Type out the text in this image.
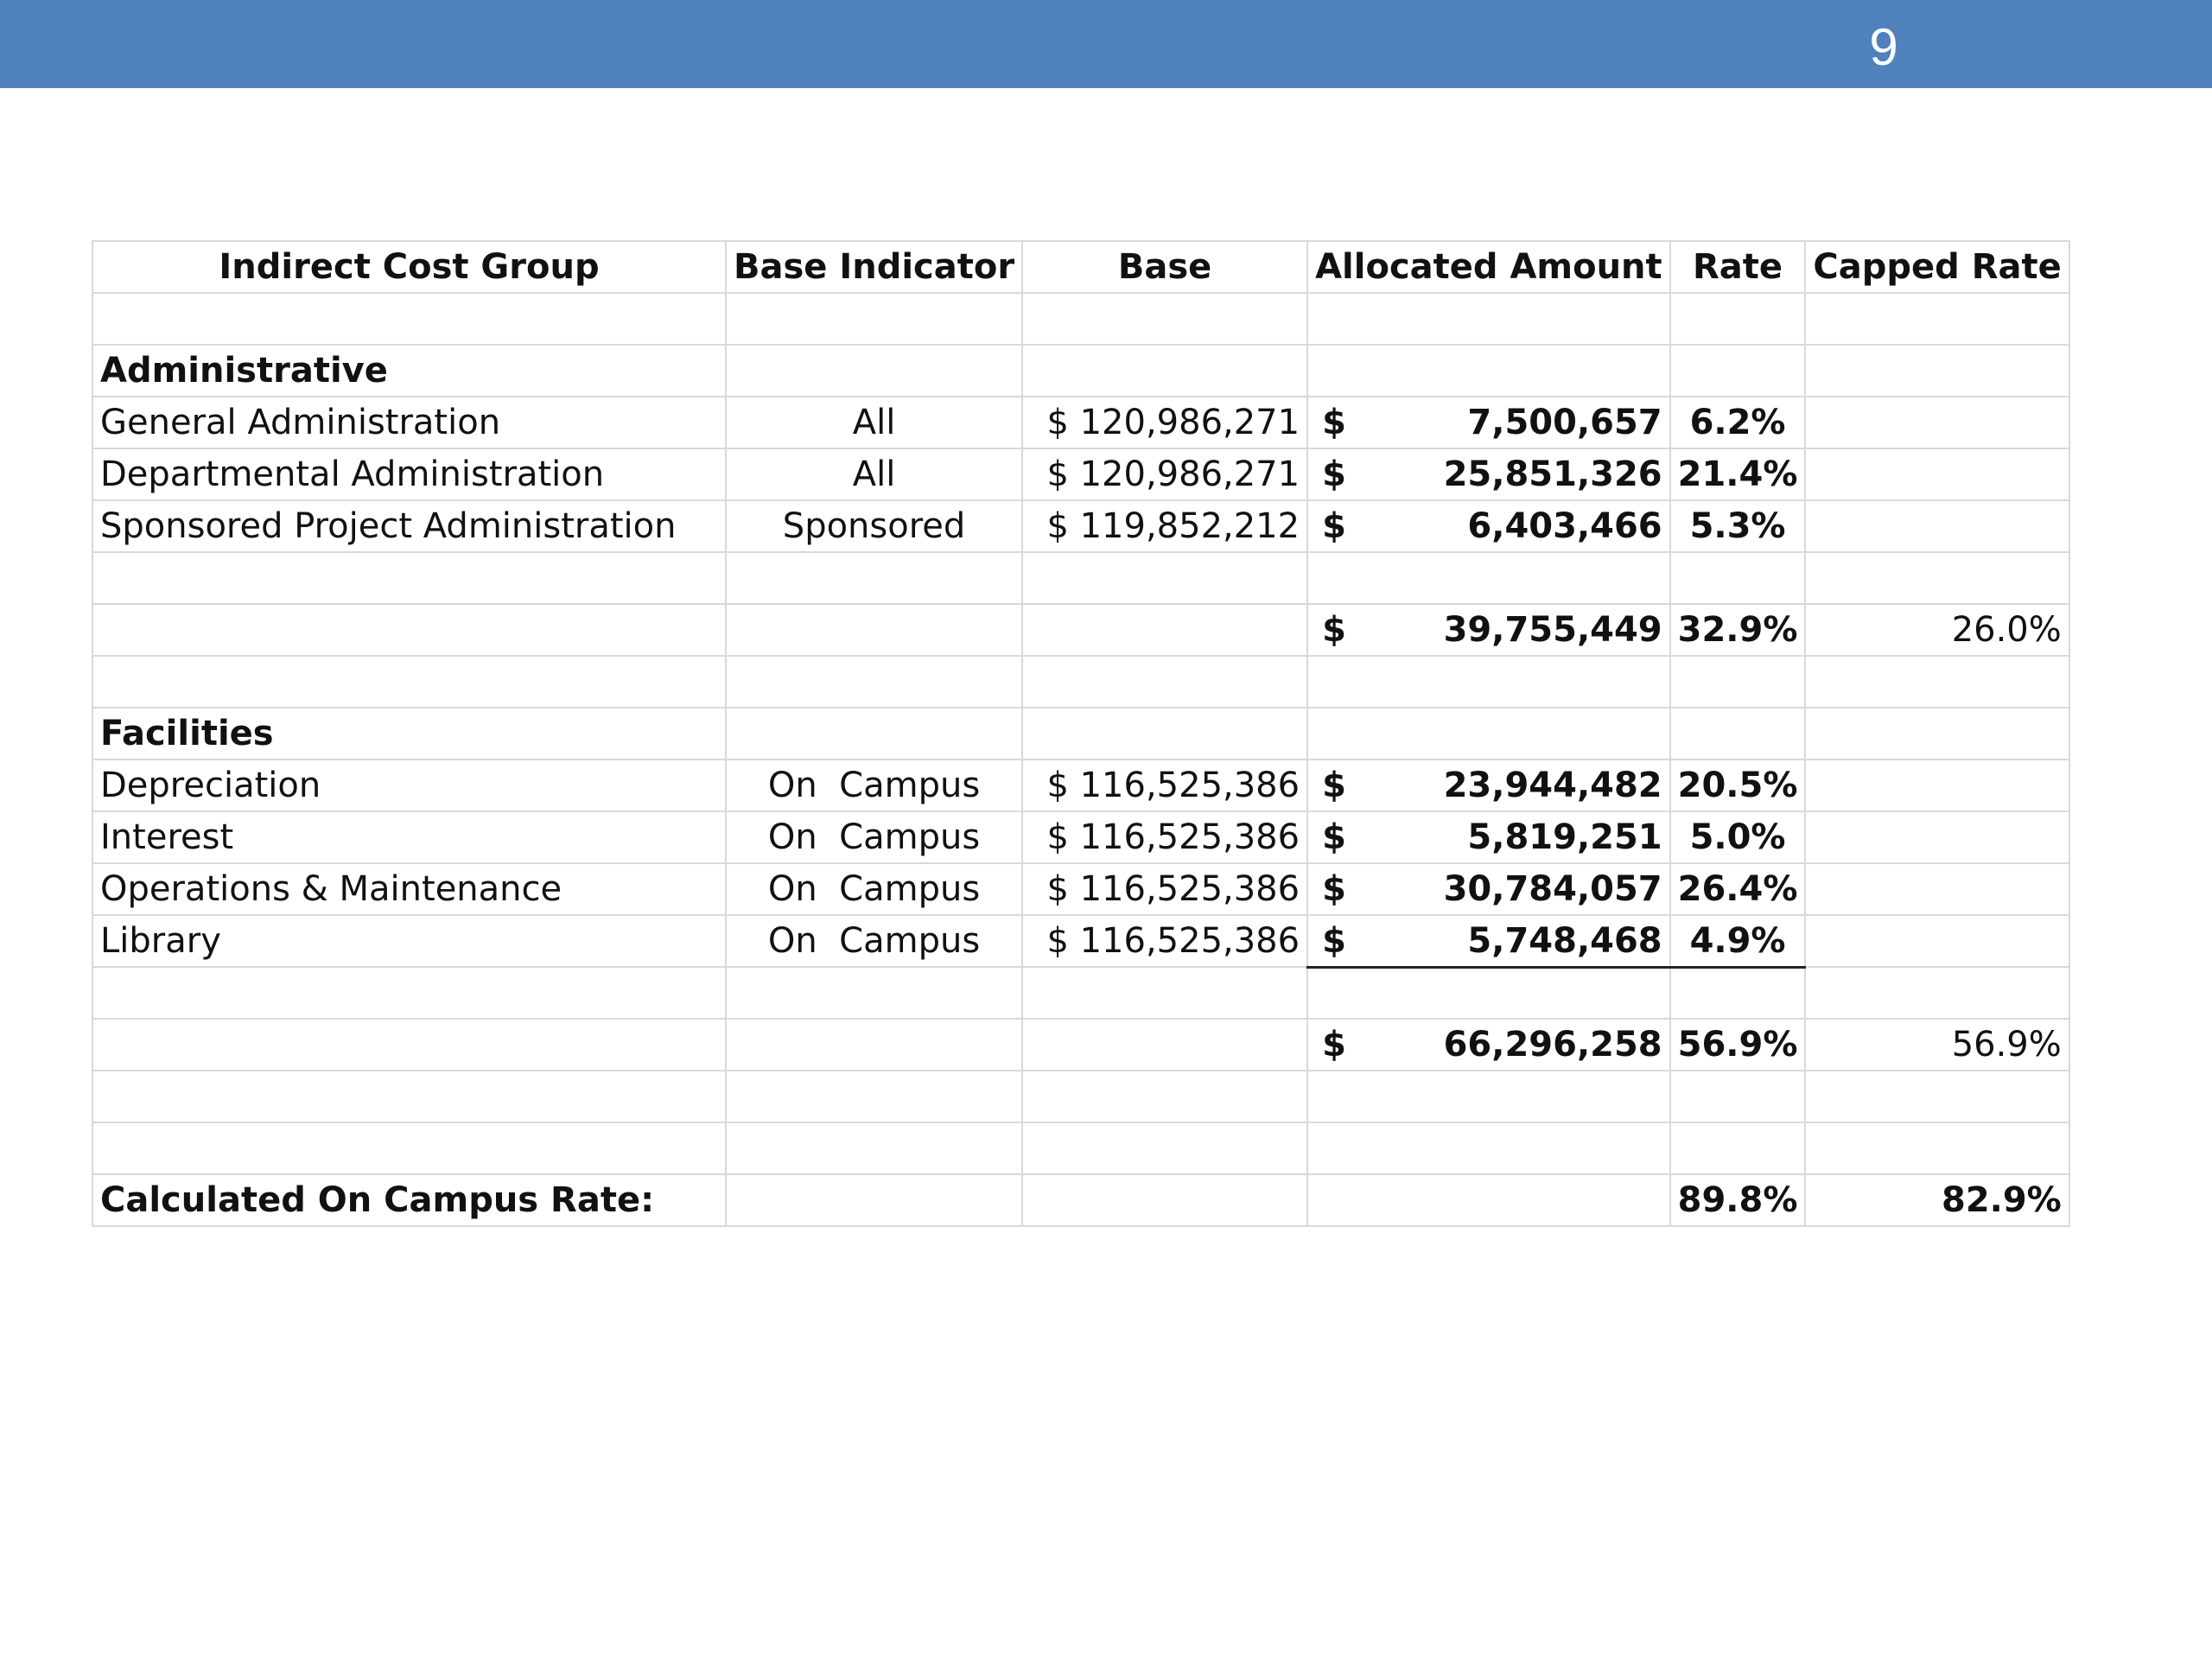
9
Indirect Cost Group	Base Indicator	Base	Allocated Amount	Rate	Capped Rate

Administrative					
General Administration	All	$ 120,986,271	$ 7,500,657	6.2%	
Departmental Administration	All	$ 120,986,271	$ 25,851,326	21.4%	
Sponsored Project Administration	Sponsored	$ 119,852,212	$ 6,403,466	5.3%	

			$ 39,755,449	32.9%	26.0%

Facilities					
Depreciation	On  Campus	$ 116,525,386	$ 23,944,482	20.5%	
Interest	On  Campus	$ 116,525,386	$ 5,819,251	5.0%	
Operations & Maintenance	On  Campus	$ 116,525,386	$ 30,784,057	26.4%	
Library	On  Campus	$ 116,525,386	$ 5,748,468	4.9%	

			$ 66,296,258	56.9%	56.9%

Calculated On Campus Rate:				89.8%	82.9%
